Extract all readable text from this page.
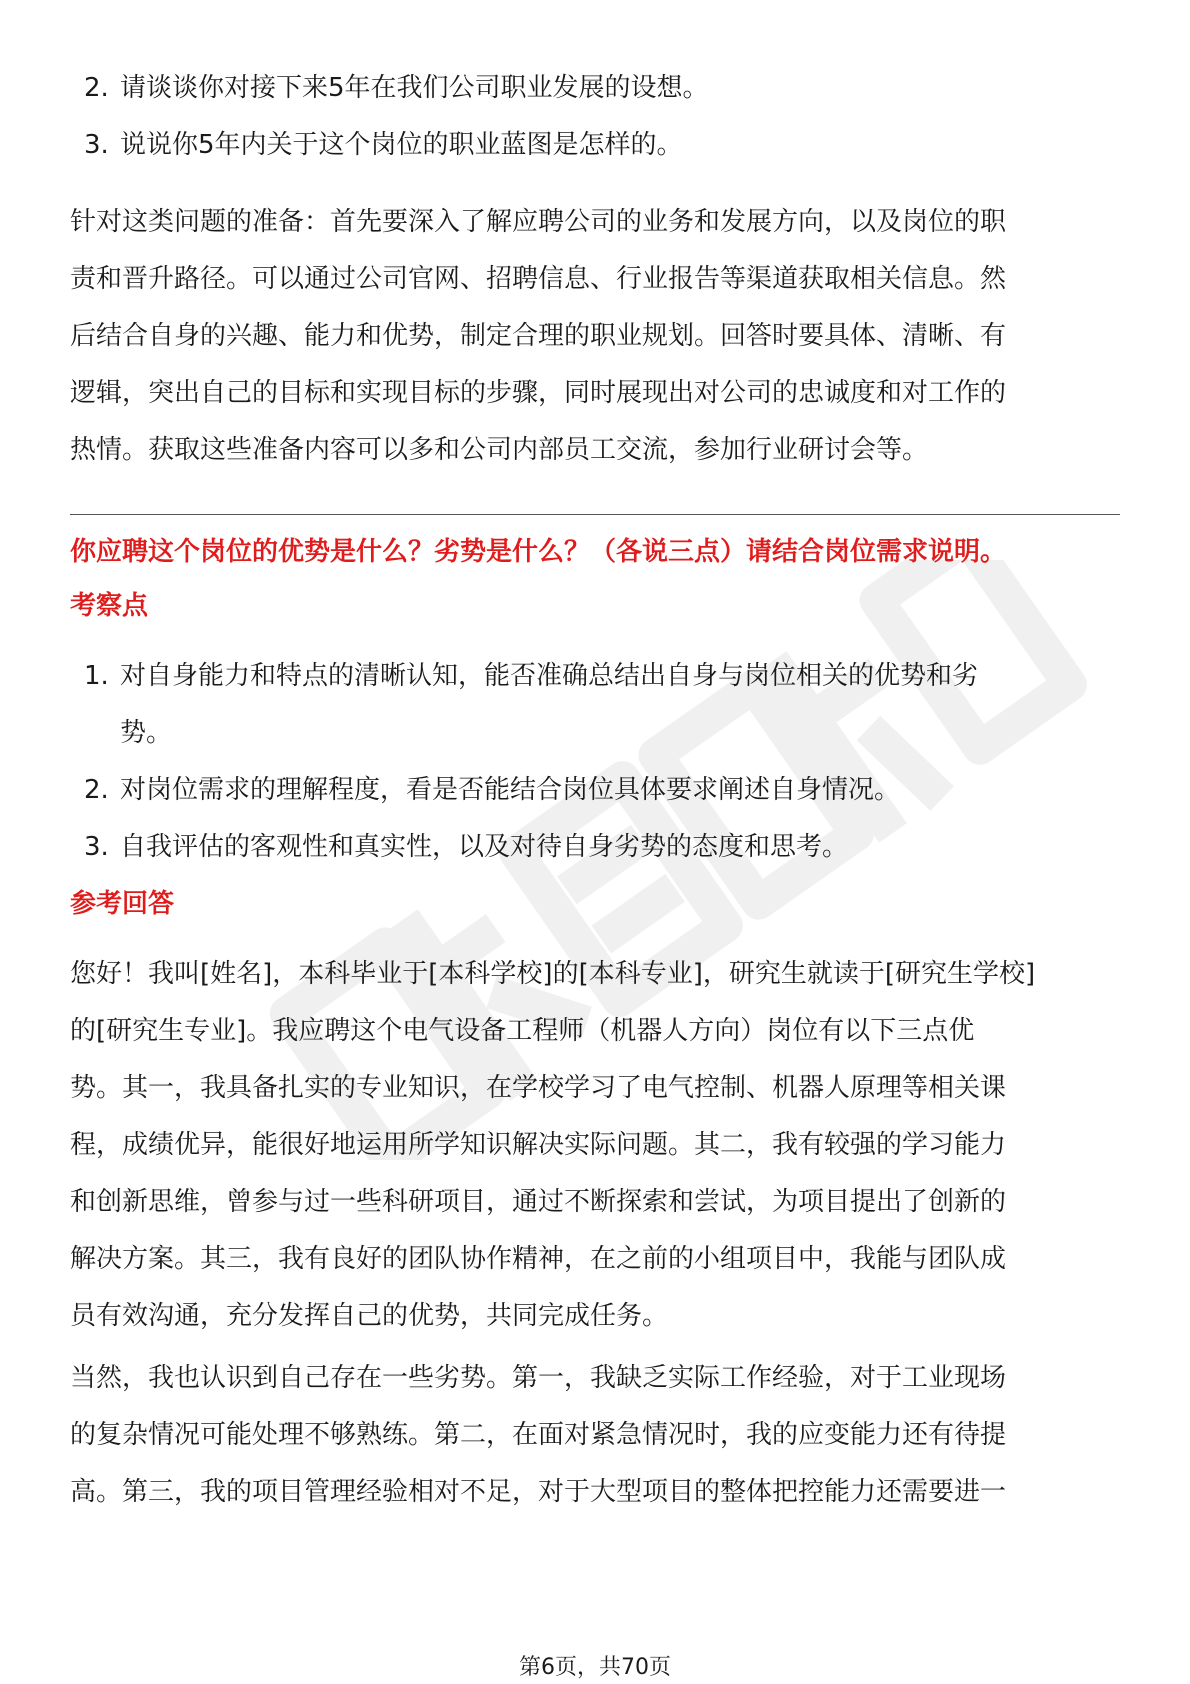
2. 请谈谈你对接下来5年在我们公司职业发展的设想。
3. 说说你5年内关于这个岗位的职业蓝图是怎样的。

针对这类问题的准备：首先要深入了解应聘公司的业务和发展方向，以及岗位的职

责和晋升路径。可以通过公司官网、招聘信息、行业报告等渠道获取相关信息。然

后结合自身的兴趣、能力和优势，制定合理的职业规划。回答时要具体、清晰、有

逻辑，突出自己的目标和实现目标的步骤，同时展现出对公司的忠诚度和对工作的

热情。获取这些准备内容可以多和公司内部员工交流，参加行业研讨会等。

你应聘这个岗位的优势是什么？劣势是什么？（各说三点）请结合岗位需求说明。

考察点

1. 对自身能力和特点的清晰认知，能否准确总结出自身与岗位相关的优势和劣
势。
2. 对岗位需求的理解程度，看是否能结合岗位具体要求阐述自身情况。
3. 自我评估的客观性和真实性，以及对待自身劣势的态度和思考。

参考回答

您好！我叫[姓名]，本科毕业于[本科学校]的[本科专业]，研究生就读于[研究生学校]

的[研究生专业]。我应聘这个电气设备工程师（机器人方向）岗位有以下三点优

势。其一，我具备扎实的专业知识，在学校学习了电气控制、机器人原理等相关课

程，成绩优异，能很好地运用所学知识解决实际问题。其二，我有较强的学习能力

和创新思维，曾参与过一些科研项目，通过不断探索和尝试，为项目提出了创新的

解决方案。其三，我有良好的团队协作精神，在之前的小组项目中，我能与团队成

员有效沟通，充分发挥自己的优势，共同完成任务。

当然，我也认识到自己存在一些劣势。第一，我缺乏实际工作经验，对于工业现场

的复杂情况可能处理不够熟练。第二，在面对紧急情况时，我的应变能力还有待提

高。第三，我的项目管理经验相对不足，对于大型项目的整体把控能力还需要进一

第6页，共70页
